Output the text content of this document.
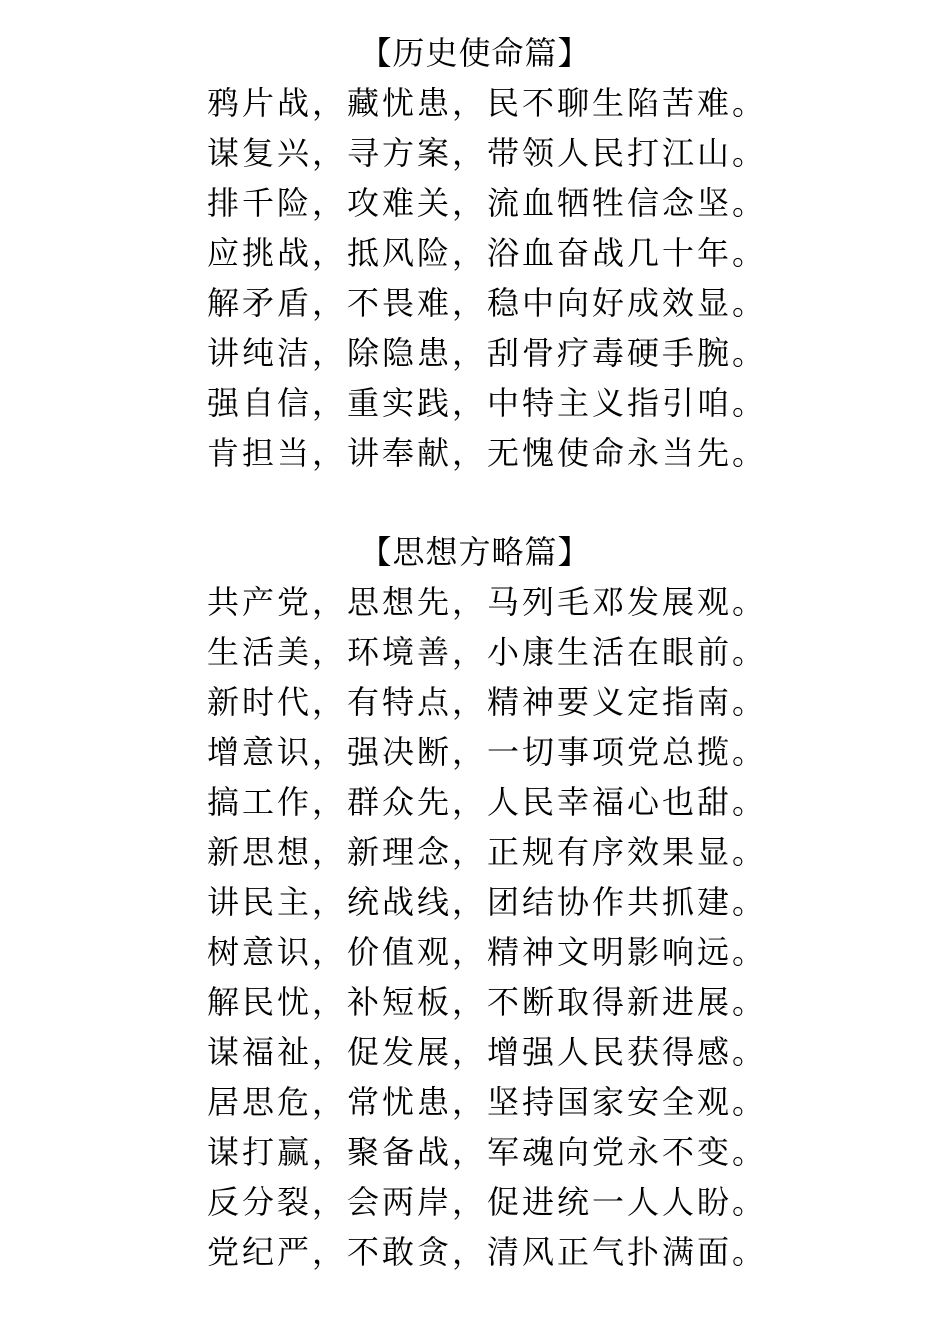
【历史使命篇】
鸦片战，藏忧患，民不聊生陷苦难。
谋复兴，寻方案，带领人民打江山。
排千险，攻难关，流血牺牲信念坚。
应挑战，抵风险，浴血奋战几十年。
解矛盾，不畏难，稳中向好成效显。
讲纯洁，除隐患，刮骨疗毒硬手腕。
强自信，重实践，中特主义指引咱。
肯担当，讲奉献，无愧使命永当先。
【思想方略篇】
共产党，思想先，马列毛邓发展观。
生活美，环境善，小康生活在眼前。
新时代，有特点，精神要义定指南。
增意识，强决断，一切事项党总揽。
搞工作，群众先，人民幸福心也甜。
新思想，新理念，正规有序效果显。
讲民主，统战线，团结协作共抓建。
树意识，价值观，精神文明影响远。
解民忧，补短板，不断取得新进展。
谋福祉，促发展，增强人民获得感。
居思危，常忧患，坚持国家安全观。
谋打赢，聚备战，军魂向党永不变。
反分裂，会两岸，促进统一人人盼。
党纪严，不敢贪，清风正气扑满面。
